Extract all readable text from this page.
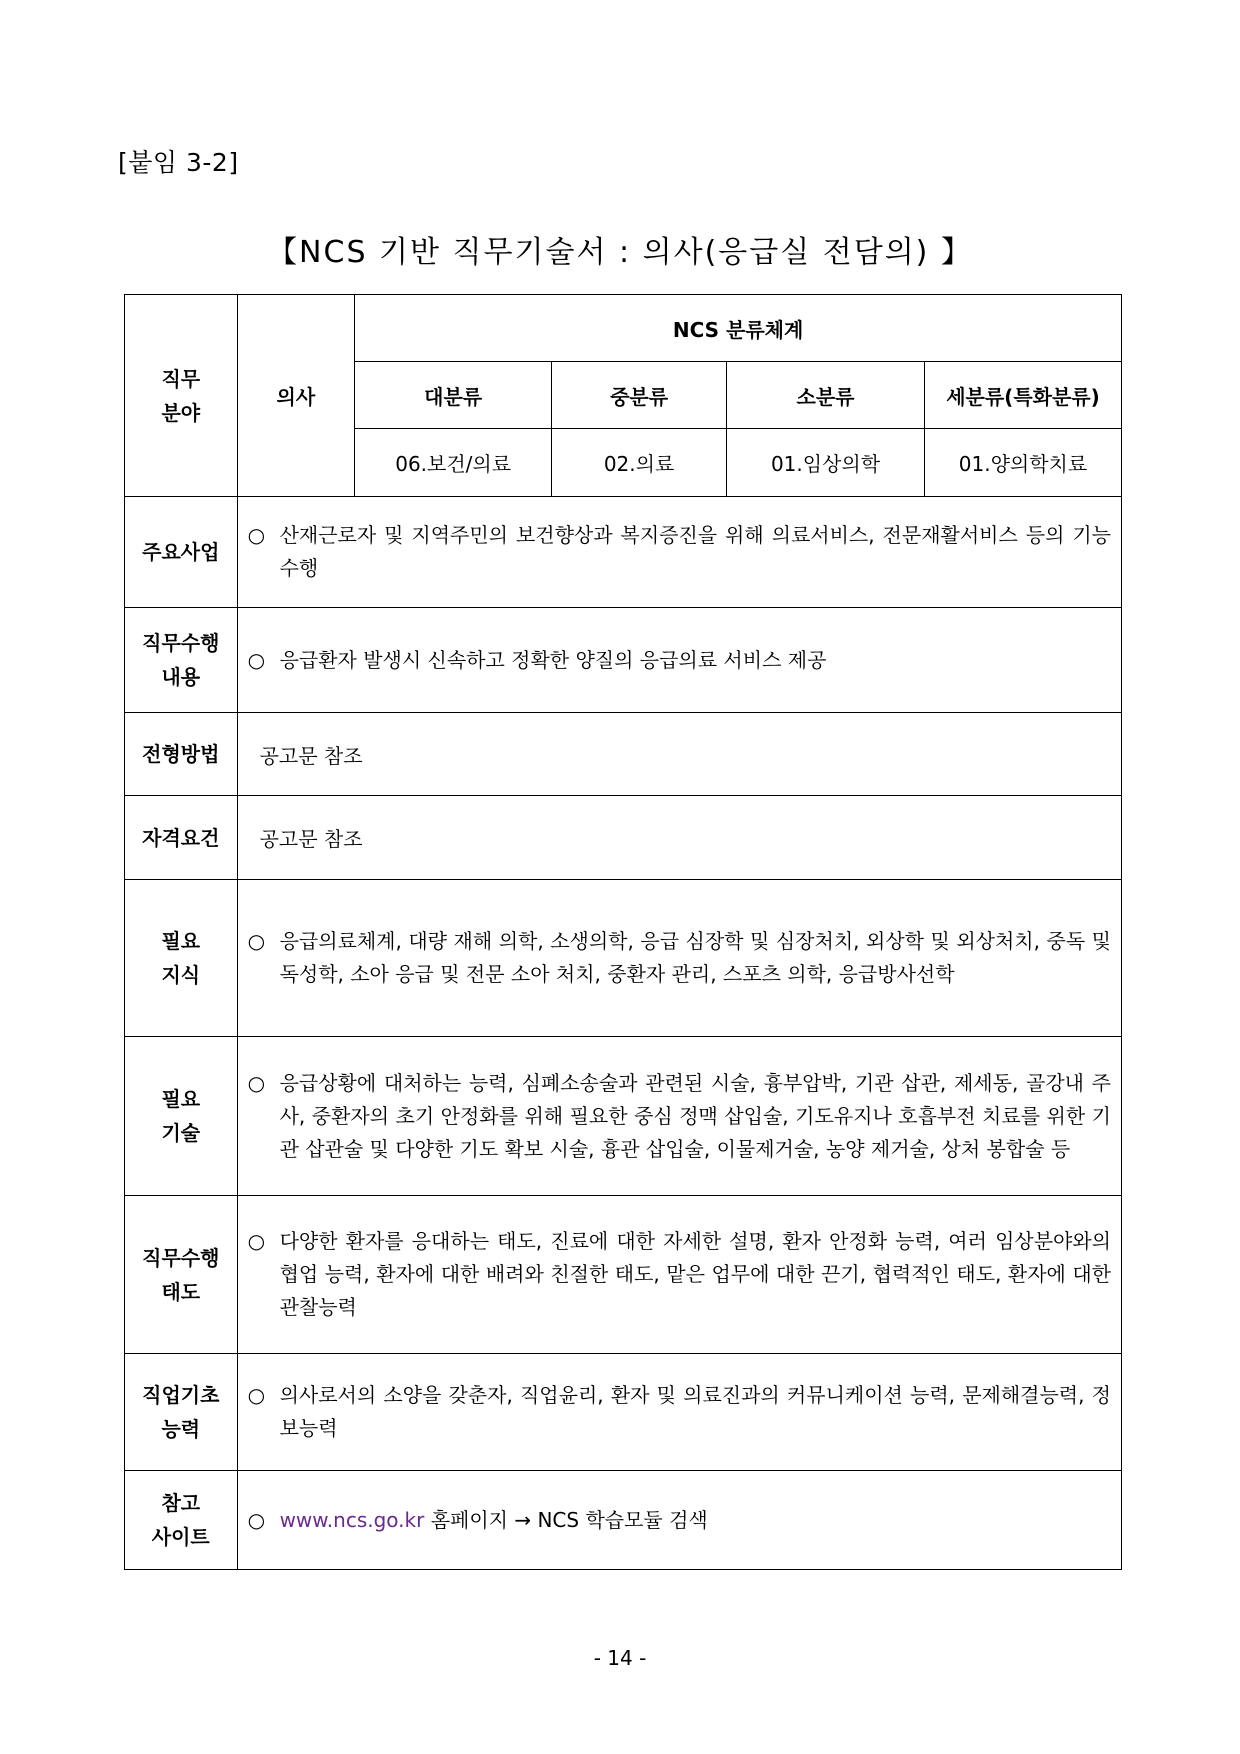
[붙임 3-2]
【NCS 기반 직무기술서 : 의사(응급실 전담의) 】
직무
분야	의사	NCS 분류체계			
		대분류	중분류	소분류	세분류(특화분류)
		06.보건/의료	02.의료	01.임상의학	01.양의학치료
주요사업	○ 산재근로자 및 지역주민의 보건향상과 복지증진을 위해 의료서비스, 전문재활서비스 등의 기능 수행				

직무수행
내용	○ 응급환자 발생시 신속하고 정확한 양질의 응급의료 서비스 제공				

전형방법	공고문 참조				
자격요건	공고문 참조				
필요
지식	○ 응급의료체계, 대량 재해 의학, 소생의학, 응급 심장학 및 심장처치, 외상학 및 외상처치, 중독 및 독성학, 소아 응급 및 전문 소아 처치, 중환자 관리, 스포츠 의학, 응급방사선학				

필요
기술	○ 응급상황에 대처하는 능력, 심폐소송술과 관련된 시술, 흉부압박, 기관 삽관, 제세동, 골강내 주사, 중환자의 초기 안정화를 위해 필요한 중심 정맥 삽입술, 기도유지나 호흡부전 치료를 위한 기관 삽관술 및 다양한 기도 확보 시술, 흉관 삽입술, 이물제거술, 농양 제거술, 상처 봉합술 등				

직무수행
태도	○ 다양한 환자를 응대하는 태도, 진료에 대한 자세한 설명, 환자 안정화 능력, 여러 임상분야와의 협업 능력, 환자에 대한 배려와 친절한 태도, 맡은 업무에 대한 끈기, 협력적인 태도, 환자에 대한 관찰능력				

직업기초
능력	○ 의사로서의 소양을 갖춘자, 직업윤리, 환자 및 의료진과의 커뮤니케이션 능력, 문제해결능력, 정보능력				

참고
사이트	○ www.ncs.go.kr 홈페이지 → NCS 학습모듈 검색				
- 14 -
